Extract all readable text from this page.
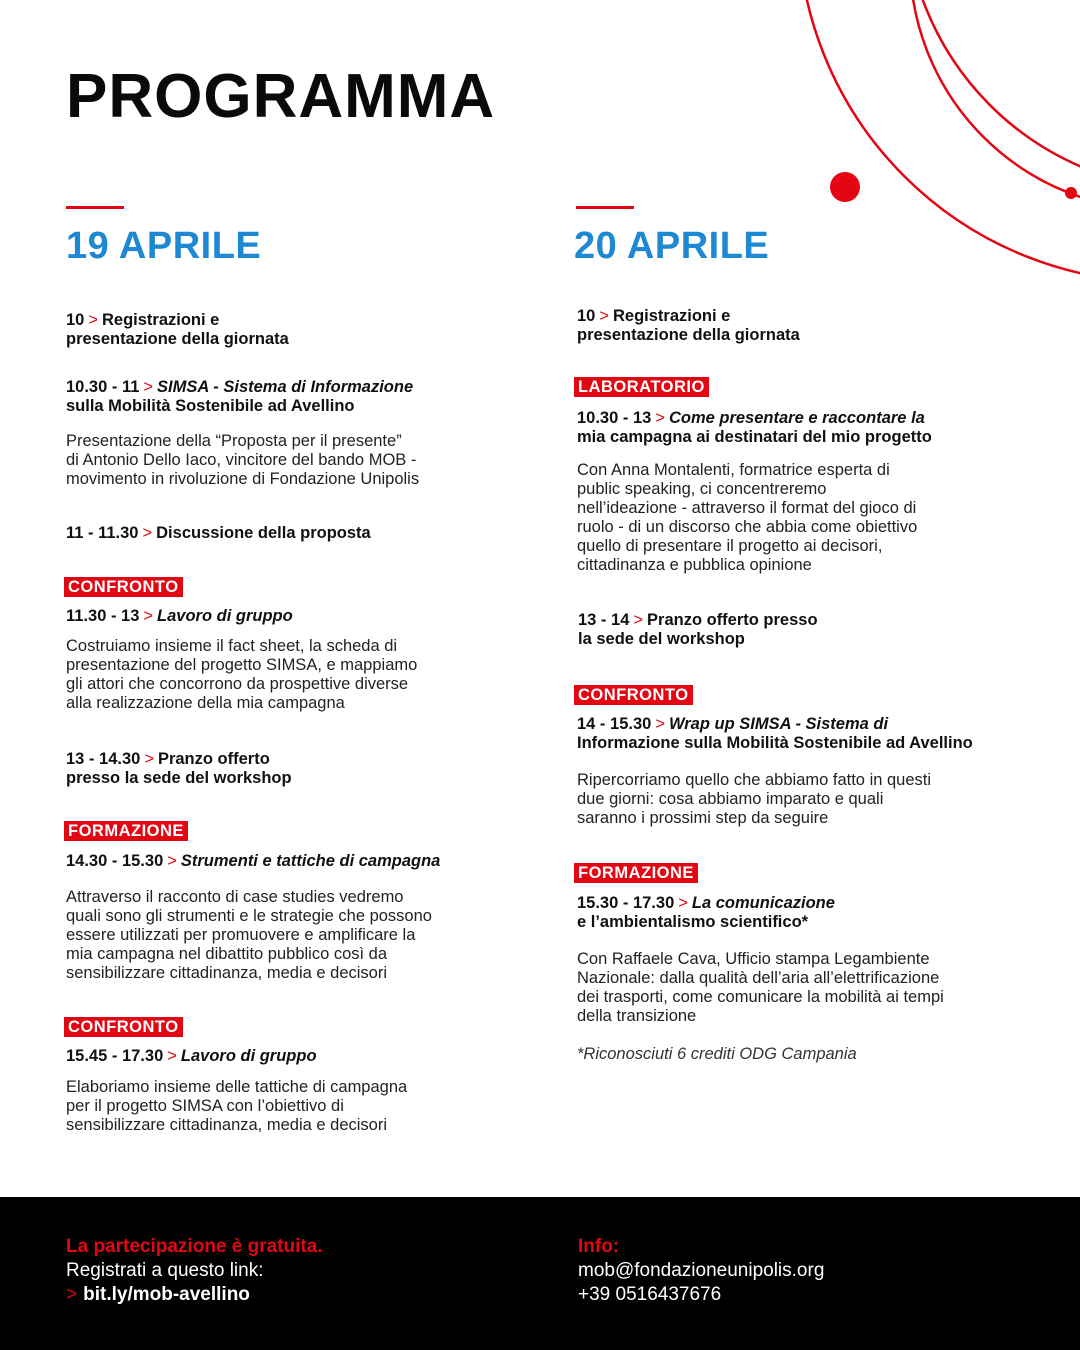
PROGRAMMA
19 APRILE
10 > Registrazioni e
presentazione della giornata
10.30 - 11 > SIMSA - Sistema di Informazione
sulla Mobilità Sostenibile ad Avellino
Presentazione della “Proposta per il presente”
di Antonio Dello Iaco, vincitore del bando MOB -
movimento in rivoluzione di Fondazione Unipolis
11 - 11.30 > Discussione della proposta
CONFRONTO
11.30 - 13 > Lavoro di gruppo
Costruiamo insieme il fact sheet, la scheda di
presentazione del progetto SIMSA, e mappiamo
gli attori che concorrono da prospettive diverse
alla realizzazione della mia campagna
13 - 14.30 > Pranzo offerto
presso la sede del workshop
FORMAZIONE
14.30 - 15.30 > Strumenti e tattiche di campagna
Attraverso il racconto di case studies vedremo
quali sono gli strumenti e le strategie che possono
essere utilizzati per promuovere e amplificare la
mia campagna nel dibattito pubblico così da
sensibilizzare cittadinanza, media e decisori
CONFRONTO
15.45 - 17.30 > Lavoro di gruppo
Elaboriamo insieme delle tattiche di campagna
per il progetto SIMSA con l’obiettivo di
sensibilizzare cittadinanza, media e decisori
20 APRILE
10 > Registrazioni e
presentazione della giornata
LABORATORIO
10.30 - 13 > Come presentare e raccontare la
mia campagna ai destinatari del mio progetto
Con Anna Montalenti, formatrice esperta di
public speaking, ci concentreremo
nell’ideazione - attraverso il format del gioco di
ruolo - di un discorso che abbia come obiettivo
quello di presentare il progetto ai decisori,
cittadinanza e pubblica opinione
13 - 14 > Pranzo offerto presso
la sede del workshop
CONFRONTO
14 - 15.30 > Wrap up SIMSA - Sistema di
Informazione sulla Mobilità Sostenibile ad Avellino
Ripercorriamo quello che abbiamo fatto in questi
due giorni: cosa abbiamo imparato e quali
saranno i prossimi step da seguire
FORMAZIONE
15.30 - 17.30 > La comunicazione
e l’ambientalismo scientifico*
Con Raffaele Cava, Ufficio stampa Legambiente
Nazionale: dalla qualità dell’aria all’elettrificazione
dei trasporti, come comunicare la mobilità ai tempi
della transizione
*Riconosciuti 6 crediti ODG Campania
La partecipazione è gratuita.
Registrati a questo link:
> bit.ly/mob-avellino
Info:
mob@fondazioneunipolis.org
+39 0516437676
